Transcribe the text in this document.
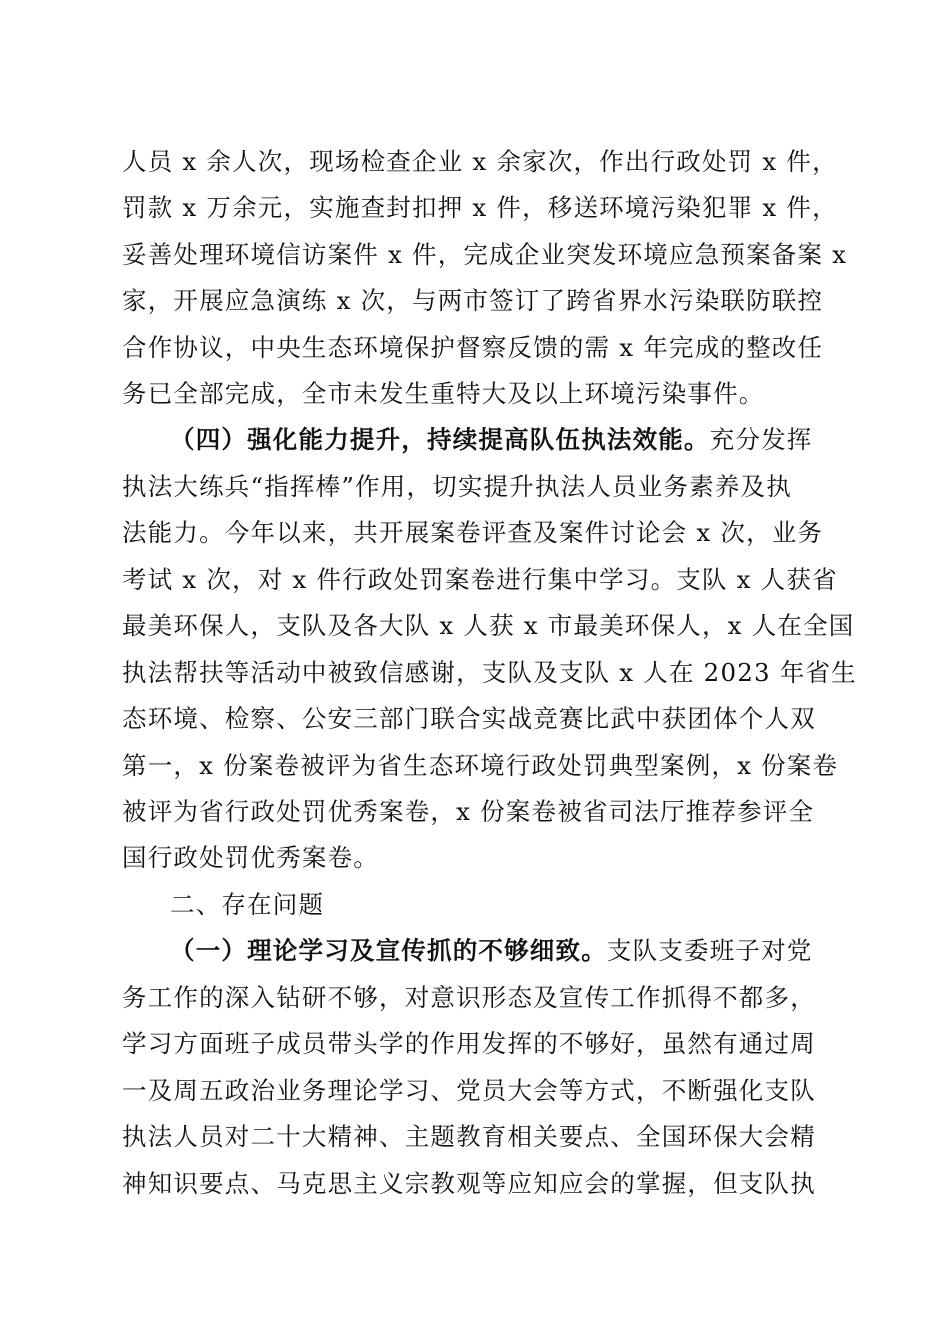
人员 x 余人次，现场检查企业 x 余家次，作出行政处罚 x 件，
罚款 x 万余元，实施查封扣押 x 件，移送环境污染犯罪 x 件，
妥善处理环境信访案件 x 件，完成企业突发环境应急预案备案 x
家，开展应急演练 x 次，与两市签订了跨省界水污染联防联控
合作协议，中央生态环境保护督察反馈的需 x 年完成的整改任
务已全部完成，全市未发生重特大及以上环境污染事件。
（四）强化能力提升，持续提高队伍执法效能。充分发挥
执法大练兵“指挥棒”作用，切实提升执法人员业务素养及执
法能力。今年以来，共开展案卷评查及案件讨论会 x 次，业务
考试 x 次，对 x 件行政处罚案卷进行集中学习。支队 x 人获省
最美环保人，支队及各大队 x 人获 x 市最美环保人，x 人在全国
执法帮扶等活动中被致信感谢，支队及支队 x 人在 2023 年省生
态环境、检察、公安三部门联合实战竞赛比武中获团体个人双
第一，x 份案卷被评为省生态环境行政处罚典型案例，x 份案卷
被评为省行政处罚优秀案卷，x 份案卷被省司法厅推荐参评全
国行政处罚优秀案卷。
二、存在问题
（一）理论学习及宣传抓的不够细致。支队支委班子对党
务工作的深入钻研不够，对意识形态及宣传工作抓得不都多，
学习方面班子成员带头学的作用发挥的不够好，虽然有通过周
一及周五政治业务理论学习、党员大会等方式，不断强化支队
执法人员对二十大精神、主题教育相关要点、全国环保大会精
神知识要点、马克思主义宗教观等应知应会的掌握，但支队执
